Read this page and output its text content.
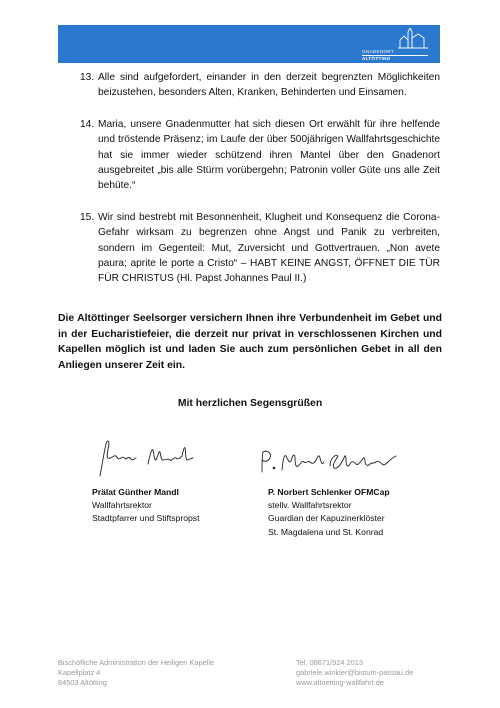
GNADENORT
ALTÖTTING
13. Alle sind aufgefordert, einander in den derzeit begrenzten Möglichkeiten beizustehen, besonders Alten, Kranken, Behinderten und Einsamen.
14. Maria, unsere Gnadenmutter hat sich diesen Ort erwählt für ihre helfende und tröstende Präsenz; im Laufe der über 500jährigen Wallfahrtsgeschichte hat sie immer wieder schützend ihren Mantel über den Gnadenort ausgebreitet „bis alle Stürm vorübergehn; Patronin voller Güte uns alle Zeit behüte.“
15. Wir sind bestrebt mit Besonnenheit, Klugheit und Konsequenz die Corona-Gefahr wirksam zu begrenzen ohne Angst und Panik zu verbreiten, sondern im Gegenteil: Mut, Zuversicht und Gottvertrauen. „Non avete paura; aprite le porte a Cristo“ – HABT KEINE ANGST, ÖFFNET DIE TÜR FÜR CHRISTUS (Hl. Papst Johannes Paul II.)
Die Altöttinger Seelsorger versichern Ihnen ihre Verbundenheit im Gebet und in der Eucharistiefeier, die derzeit nur privat in verschlossenen Kirchen und Kapellen möglich ist und laden Sie auch zum persönlichen Gebet in all den Anliegen unserer Zeit ein.
Mit herzlichen Segensgrüßen
Prälat Günther Mandl
Wallfahrtsrektor
Stadtpfarrer und Stiftspropst
P. Norbert Schlenker OFMCap
stellv. Wallfahrtsrektor
Guardian der Kapuzinerklöster
St. Magdalena und St. Konrad
Bischöfliche Administration der Heiligen Kapelle
Kapellplatz 4
84503 Altötting
Tel. 08671/924 2013
gabriele.winkler@bistum-passau.de
www.altoetting-wallfahrt.de
